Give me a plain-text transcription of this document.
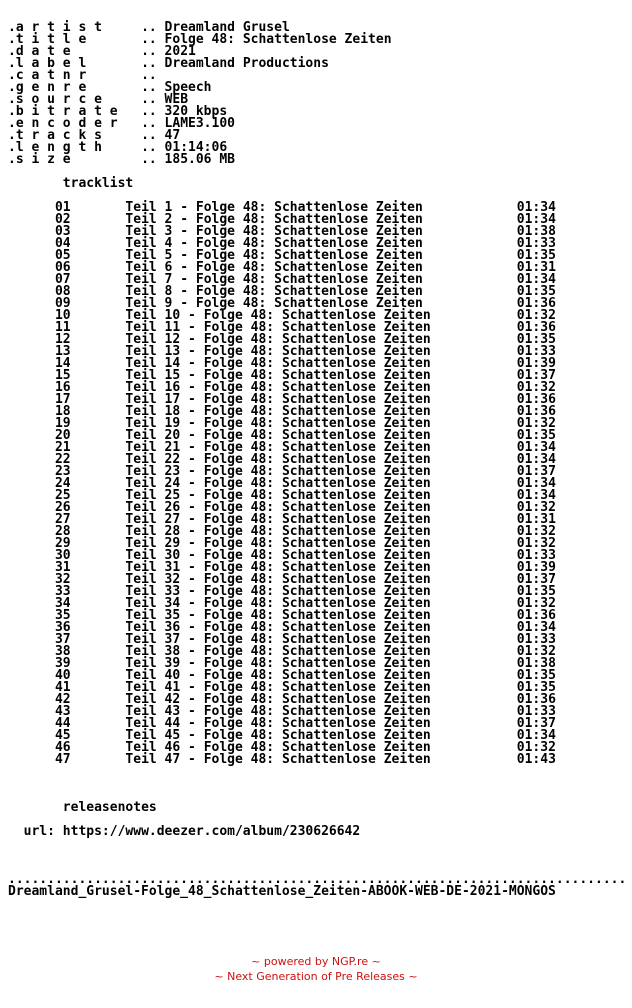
.a r t i s t     .. Dreamland Grusel
.t i t l e       .. Folge 48: Schattenlose Zeiten
.d a t e         .. 2021
.l a b e l       .. Dreamland Productions
.c a t n r       ..
.g e n r e       .. Speech
.s o u r c e     .. WEB
.b i t r a t e   .. 320 kbps
.e n c o d e r   .. LAME3.100
.t r a c k s     .. 47
.l e n g t h     .. 01:14:06
.s i z e         .. 185.06 MB

tracklist

01	Teil 1 - Folge 48: Schattenlose Zeiten	01:34
02	Teil 2 - Folge 48: Schattenlose Zeiten	01:34
03	Teil 3 - Folge 48: Schattenlose Zeiten	01:38
04	Teil 4 - Folge 48: Schattenlose Zeiten	01:33
05	Teil 5 - Folge 48: Schattenlose Zeiten	01:35
06	Teil 6 - Folge 48: Schattenlose Zeiten	01:31
07	Teil 7 - Folge 48: Schattenlose Zeiten	01:34
08	Teil 8 - Folge 48: Schattenlose Zeiten	01:35
09	Teil 9 - Folge 48: Schattenlose Zeiten	01:36
10	Teil 10 - Folge 48: Schattenlose Zeiten	01:32
11	Teil 11 - Folge 48: Schattenlose Zeiten	01:36
12	Teil 12 - Folge 48: Schattenlose Zeiten	01:35
13	Teil 13 - Folge 48: Schattenlose Zeiten	01:33
14	Teil 14 - Folge 48: Schattenlose Zeiten	01:39
15	Teil 15 - Folge 48: Schattenlose Zeiten	01:37
16	Teil 16 - Folge 48: Schattenlose Zeiten	01:32
17	Teil 17 - Folge 48: Schattenlose Zeiten	01:36
18	Teil 18 - Folge 48: Schattenlose Zeiten	01:36
19	Teil 19 - Folge 48: Schattenlose Zeiten	01:32
20	Teil 20 - Folge 48: Schattenlose Zeiten	01:35
21	Teil 21 - Folge 48: Schattenlose Zeiten	01:34
22	Teil 22 - Folge 48: Schattenlose Zeiten	01:34
23	Teil 23 - Folge 48: Schattenlose Zeiten	01:37
24	Teil 24 - Folge 48: Schattenlose Zeiten	01:34
25	Teil 25 - Folge 48: Schattenlose Zeiten	01:34
26	Teil 26 - Folge 48: Schattenlose Zeiten	01:32
27	Teil 27 - Folge 48: Schattenlose Zeiten	01:31
28	Teil 28 - Folge 48: Schattenlose Zeiten	01:32
29	Teil 29 - Folge 48: Schattenlose Zeiten	01:32
30	Teil 30 - Folge 48: Schattenlose Zeiten	01:33
31	Teil 31 - Folge 48: Schattenlose Zeiten	01:39
32	Teil 32 - Folge 48: Schattenlose Zeiten	01:37
33	Teil 33 - Folge 48: Schattenlose Zeiten	01:35
34	Teil 34 - Folge 48: Schattenlose Zeiten	01:32
35	Teil 35 - Folge 48: Schattenlose Zeiten	01:36
36	Teil 36 - Folge 48: Schattenlose Zeiten	01:34
37	Teil 37 - Folge 48: Schattenlose Zeiten	01:33
38	Teil 38 - Folge 48: Schattenlose Zeiten	01:32
39	Teil 39 - Folge 48: Schattenlose Zeiten	01:38
40	Teil 40 - Folge 48: Schattenlose Zeiten	01:35
41	Teil 41 - Folge 48: Schattenlose Zeiten	01:35
42	Teil 42 - Folge 48: Schattenlose Zeiten	01:36
43	Teil 43 - Folge 48: Schattenlose Zeiten	01:33
44	Teil 44 - Folge 48: Schattenlose Zeiten	01:37
45	Teil 45 - Folge 48: Schattenlose Zeiten	01:34
46	Teil 46 - Folge 48: Schattenlose Zeiten	01:32
47	Teil 47 - Folge 48: Schattenlose Zeiten	01:43

releasenotes

url: https://www.deezer.com/album/230626642

...............................................................................
Dreamland_Grusel-Folge_48_Schattenlose_Zeiten-ABOOK-WEB-DE-2021-MONGOS
~ powered by NGP.re ~
~ Next Generation of Pre Releases ~
